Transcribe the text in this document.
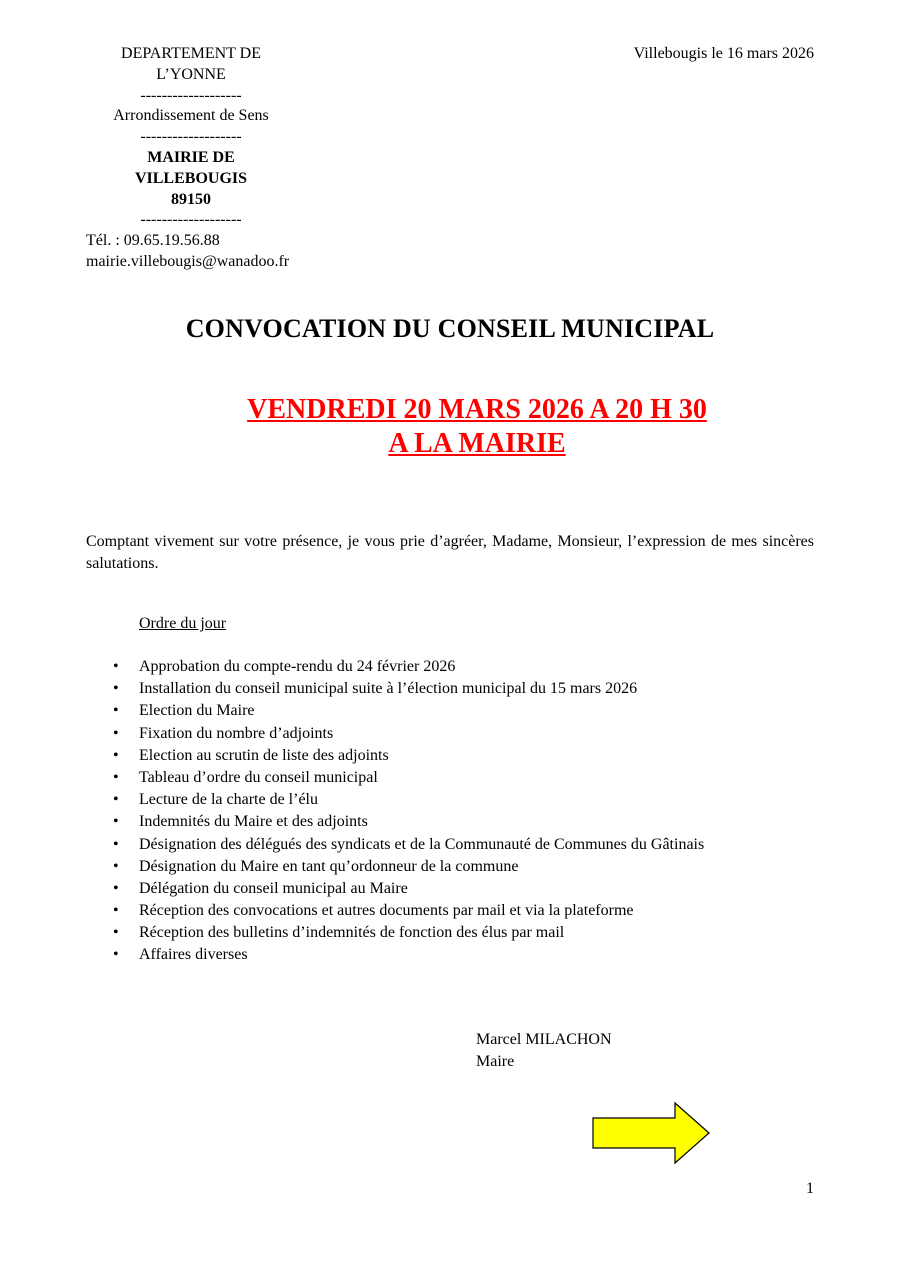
DEPARTEMENT DE
L’YONNE
-------------------
Arrondissement de Sens
-------------------
MAIRIE DE
VILLEBOUGIS
89150
-------------------
Tél. : 09.65.19.56.88
mairie.villebougis@wanadoo.fr
Villebougis le 16 mars 2026
CONVOCATION DU CONSEIL MUNICIPAL
VENDREDI 20 MARS 2026 A 20 H 30
A LA MAIRIE
Comptant vivement sur votre présence, je vous prie d’agréer, Madame, Monsieur, l’expression de mes sincères salutations.
Ordre du jour
•	Approbation du compte-rendu du 24 février 2026
•	Installation du conseil municipal suite à l’élection municipal du 15 mars 2026
•	Election du Maire
•	Fixation du nombre d’adjoints
•	Election au scrutin de liste des adjoints
•	Tableau d’ordre du conseil municipal
•	Lecture de la charte de l’élu
•	Indemnités du Maire et des adjoints
•	Désignation des délégués des syndicats et de la Communauté de Communes du Gâtinais
•	Désignation du Maire en tant qu’ordonneur de la commune
•	Délégation du conseil municipal au Maire
•	Réception des convocations et autres documents par mail et via la plateforme
•	Réception des bulletins d’indemnités de fonction des élus par mail
•	Affaires diverses
Marcel MILACHON
Maire
1
